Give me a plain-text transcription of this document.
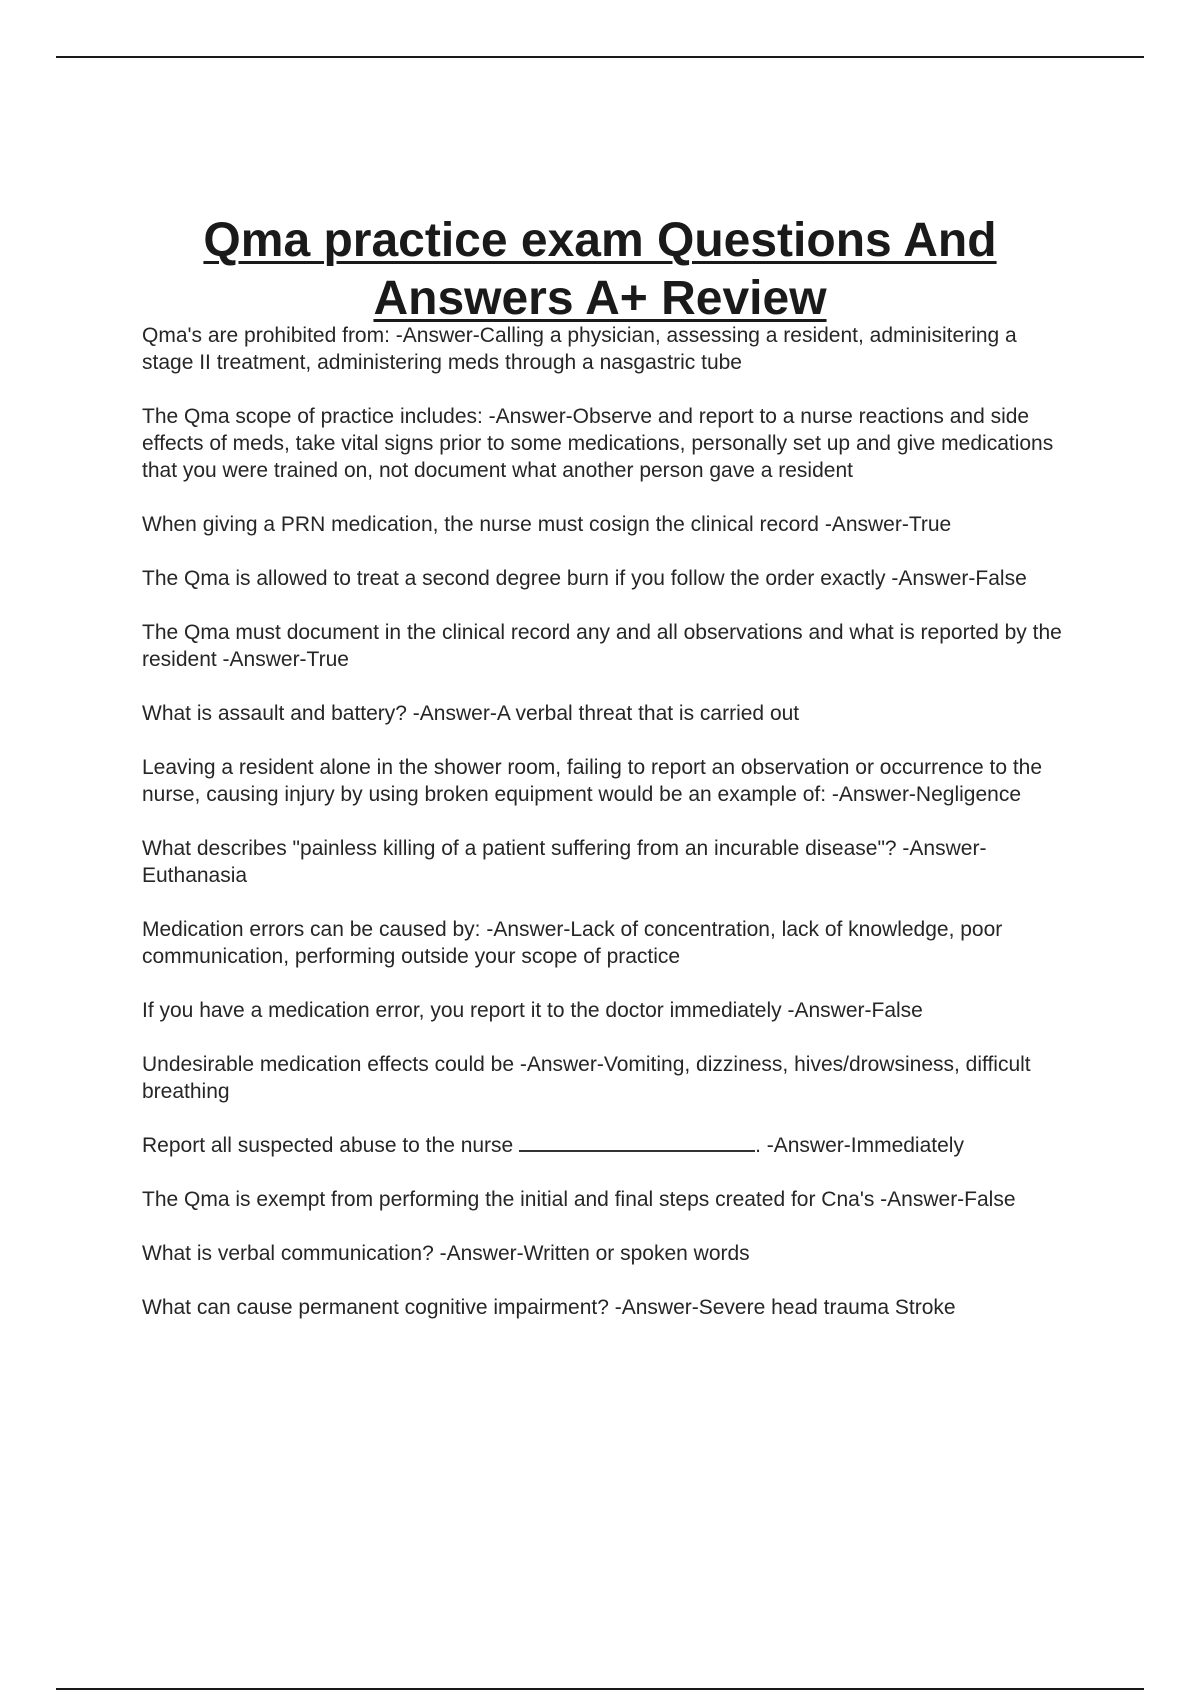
Qma practice exam Questions And Answers A+ Review
Qma's are prohibited from: -Answer-Calling a physician, assessing a resident, adminisitering a stage II treatment, administering meds through a nasgastric tube
The Qma scope of practice includes: -Answer-Observe and report to a nurse reactions and side effects of meds, take vital signs prior to some medications, personally set up and give medications that you were trained on, not document what another person gave a resident
When giving a PRN medication, the nurse must cosign the clinical record -Answer-True
The Qma is allowed to treat a second degree burn if you follow the order exactly -Answer-False
The Qma must document in the clinical record any and all observations and what is reported by the resident -Answer-True
What is assault and battery? -Answer-A verbal threat that is carried out
Leaving a resident alone in the shower room, failing to report an observation or occurrence to the nurse, causing injury by using broken equipment would be an example of: -Answer-Negligence
What describes "painless killing of a patient suffering from an incurable disease"? -Answer-Euthanasia
Medication errors can be caused by: -Answer-Lack of concentration, lack of knowledge, poor communication, performing outside your scope of practice
If you have a medication error, you report it to the doctor immediately -Answer-False
Undesirable medication effects could be -Answer-Vomiting, dizziness, hives/drowsiness, difficult breathing
Report all suspected abuse to the nurse	. -Answer-Immediately
The Qma is exempt from performing the initial and final steps created for Cna's -Answer-False
What is verbal communication? -Answer-Written or spoken words
What can cause permanent cognitive impairment? -Answer-Severe head trauma Stroke
